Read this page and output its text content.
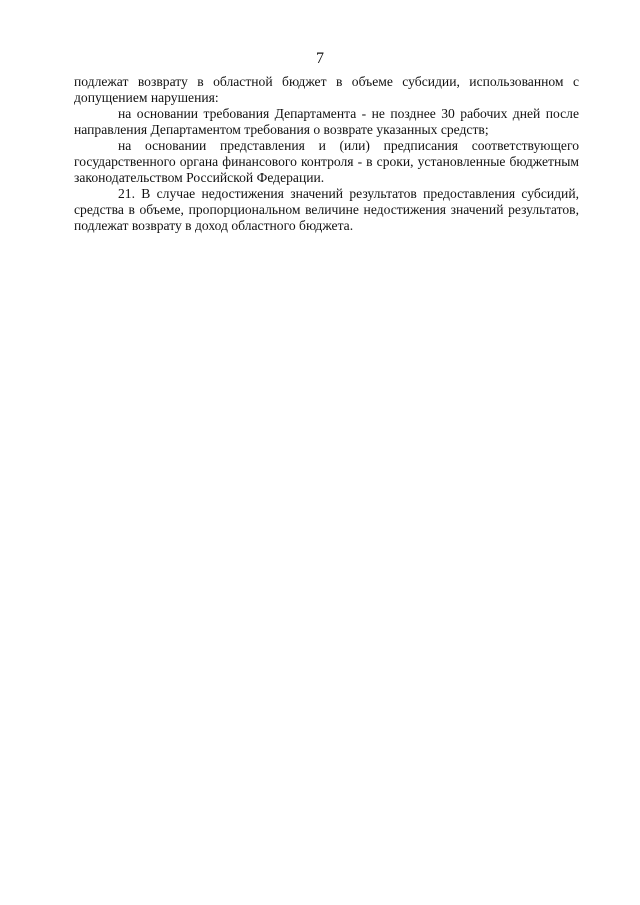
7

подлежат возврату в областной бюджет в объеме субсидии, использованном с допущением нарушения:

на основании требования Департамента - не позднее 30 рабочих дней после направления Департаментом требования о возврате указанных средств;

на основании представления и (или) предписания соответствующего государственного органа финансового контроля - в сроки, установленные бюджетным законодательством Российской Федерации.

21. В случае недостижения значений результатов предоставления субсидий, средства в объеме, пропорциональном величине недостижения значений результатов, подлежат возврату в доход областного бюджета.
